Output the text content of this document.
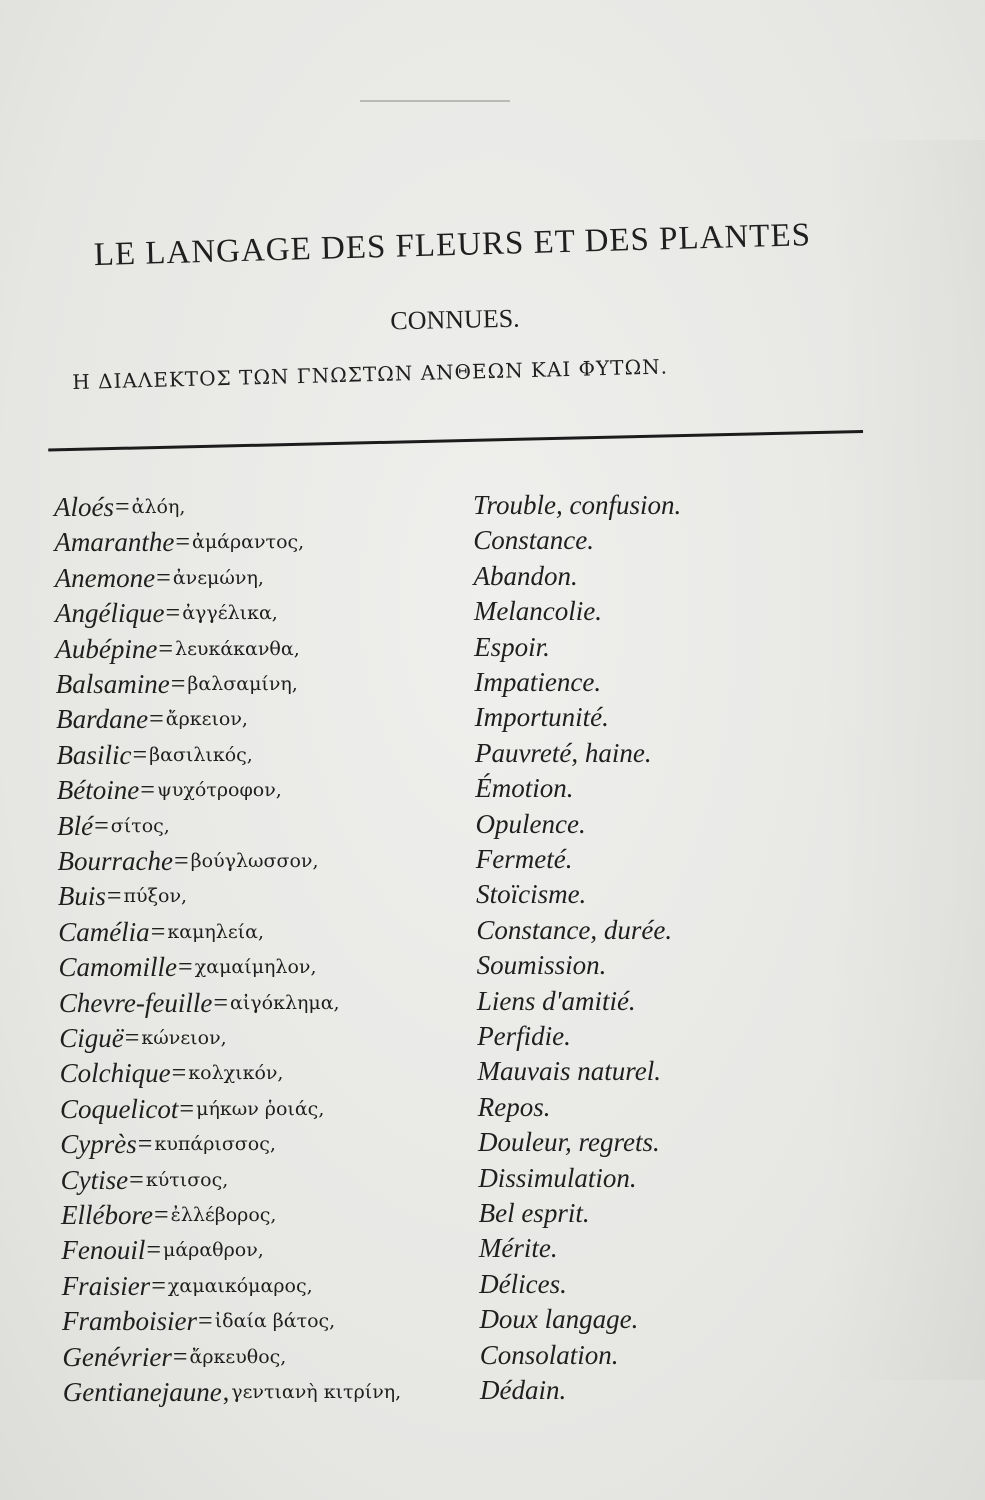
LE LANGAGE DES FLEURS ET DES PLANTES
CONNUES.
Η ΔΙΑΛΕΚΤΟΣ ΤΩΝ ΓΝΩΣΤΩΝ ΑΝΘΕΩΝ ΚΑΙ ΦΥΤΩΝ.
Aloés = ἀλόη,	Trouble, confusion.
Amaranthe = ἀμάραντος,	Constance.
Anemone = ἀνεμώνη,	Abandon.
Angélique = ἀγγέλικα,	Melancolie.
Aubépine = λευκάκανθα,	Espoir.
Balsamine = βαλσαμίνη,	Impatience.
Bardane = ἄρκειον,	Importunité.
Basilic = βασιλικός,	Pauvreté, haine.
Bétoine = ψυχότροφον,	Émotion.
Blé = σίτος,	Opulence.
Bourrache = βούγλωσσον,	Fermeté.
Buis = πύξον,	Stoïcisme.
Camélia = καμηλεία,	Constance, durée.
Camomille = χαμαίμηλον,	Soumission.
Chevre-feuille = αἰγόκλημα,	Liens d'amitié.
Ciguë = κώνειον,	Perfidie.
Colchique = κολχικόν,	Mauvais naturel.
Coquelicot = μήκων ῥοιάς,	Repos.
Cyprès = κυπάρισσος,	Douleur, regrets.
Cytise = κύτισος,	Dissimulation.
Ellébore = ἐλλέβορος,	Bel esprit.
Fenouil = μάραθρον,	Mérite.
Fraisier = χαμαικόμαρος,	Délices.
Framboisier = ἰδαία βάτος,	Doux langage.
Genévrier = ἄρκευθος,	Consolation.
Gentianejaune , γεντιανὴ κιτρίνη,	Dédain.
